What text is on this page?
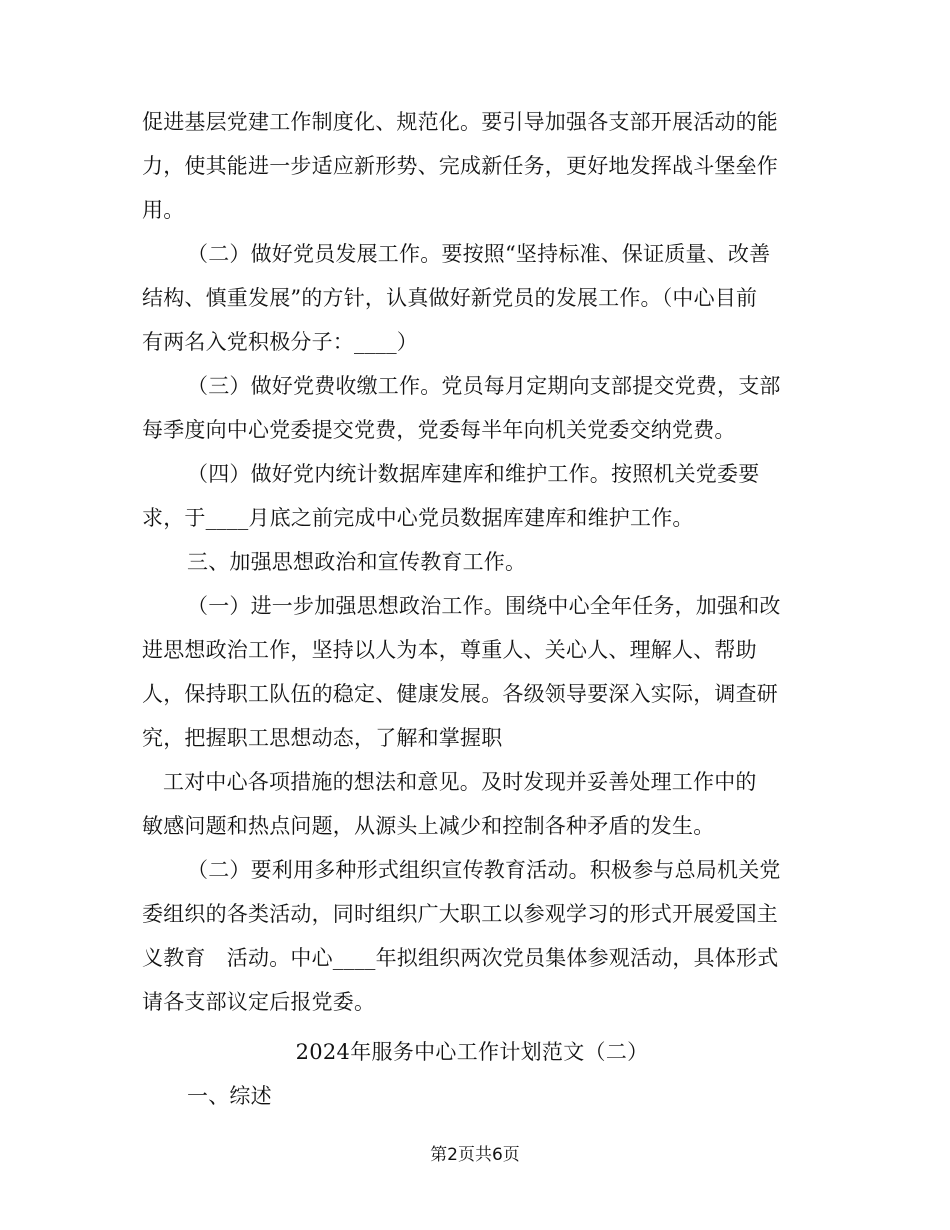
促进基层党建工作制度化、规范化。要引导加强各支部开展活动的能
力，使其能进一步适应新形势、完成新任务，更好地发挥战斗堡垒作
用。
（二）做好党员发展工作。要按照“坚持标准、保证质量、改善
结构、慎重发展”的方针，认真做好新党员的发展工作。（中心目前
有两名入党积极分子：____）
（三）做好党费收缴工作。党员每月定期向支部提交党费，支部
每季度向中心党委提交党费，党委每半年向机关党委交纳党费。
（四）做好党内统计数据库建库和维护工作。按照机关党委要
求，于____月底之前完成中心党员数据库建库和维护工作。
三、加强思想政治和宣传教育工作。
（一）进一步加强思想政治工作。围绕中心全年任务，加强和改
进思想政治工作，坚持以人为本，尊重人、关心人、理解人、帮助
人，保持职工队伍的稳定、健康发展。各级领导要深入实际，调查研
究，把握职工思想动态，了解和掌握职
工对中心各项措施的想法和意见。及时发现并妥善处理工作中的
敏感问题和热点问题，从源头上减少和控制各种矛盾的发生。
（二）要利用多种形式组织宣传教育活动。积极参与总局机关党
委组织的各类活动，同时组织广大职工以参观学习的形式开展爱国主
义教育　活动。中心____年拟组织两次党员集体参观活动，具体形式
请各支部议定后报党委。
2024年服务中心工作计划范文（二）
一、综述
第2页共6页
